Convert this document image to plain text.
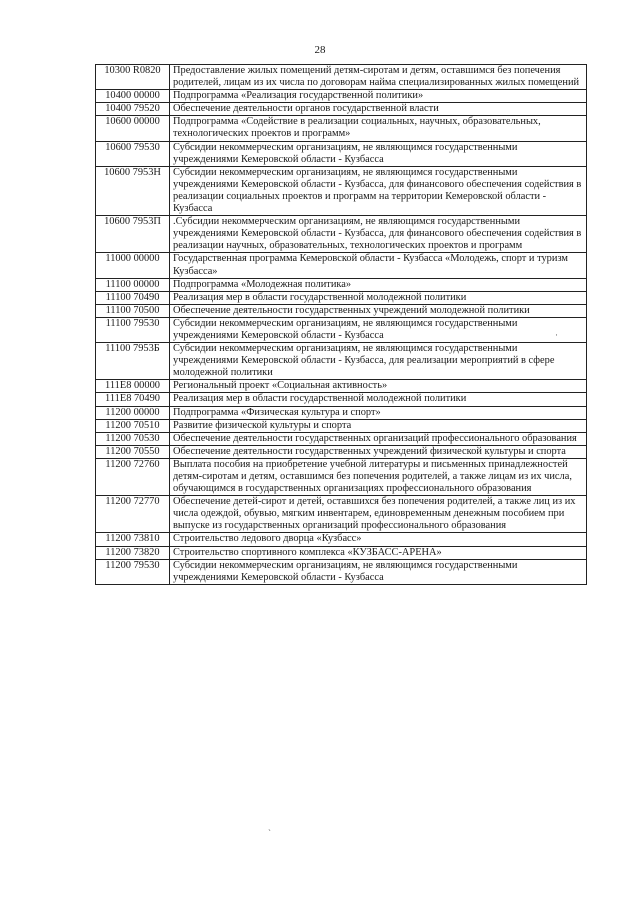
28
10300 R0820	Предоставление жилых помещений детям-сиротам и детям, оставшимся без попечения родителей, лицам из их числа по договорам найма специализированных жилых помещений
10400 00000	Подпрограмма «Реализация государственной политики»
10400 79520	Обеспечение деятельности органов государственной власти
10600 00000	Подпрограмма «Содействие в реализации социальных, научных, образовательных, технологических проектов и программ»
10600 79530	Субсидии некоммерческим организациям, не являющимся государственными учреждениями Кемеровской области - Кузбасса
10600 7953Н	Субсидии некоммерческим организациям, не являющимся государственными учреждениями Кемеровской области - Кузбасса, для финансового обеспечения содействия в реализации социальных проектов и программ на территории Кемеровской области - Кузбасса
10600 7953П	.Субсидии некоммерческим организациям, не являющимся государственными учреждениями Кемеровской области - Кузбасса, для финансового обеспечения содействия в реализации научных, образовательных, технологических проектов и программ
11000 00000	Государственная программа Кемеровской области - Кузбасса «Молодежь, спорт и туризм Кузбасса»
11100 00000	Подпрограмма «Молодежная политика»
11100 70490	Реализация мер в области государственной молодежной политики
11100 70500	Обеспечение деятельности государственных учреждений молодежной политики
11100 79530	Субсидии некоммерческим организациям, не являющимся государственными учреждениями Кемеровской области - Кузбасса
11100 7953Б	Субсидии некоммерческим организациям, не являющимся государственными учреждениями Кемеровской области - Кузбасса, для реализации мероприятий в сфере молодежной политики
111E8 00000	Региональный проект «Социальная активность»
111E8 70490	Реализация мер в области государственной молодежной политики
11200 00000	Подпрограмма «Физическая культура и спорт»
11200 70510	Развитие физической культуры и спорта
11200 70530	Обеспечение деятельности государственных организаций профессионального образования
11200 70550	Обеспечение деятельности государственных учреждений физической культуры и спорта
11200 72760	Выплата пособия на приобретение учебной литературы и письменных принадлежностей детям-сиротам и детям, оставшимся без попечения родителей, а также лицам из их числа, обучающимся в государственных организациях профессионального образования
11200 72770	Обеспечение детей-сирот и детей, оставшихся без попечения родителей, а также лиц из их числа одеждой, обувью, мягким инвентарем, единовременным денежным пособием при выпуске из государственных организаций профессионального образования
11200 73810	Строительство ледового дворца «Кузбасс»
11200 73820	Строительство спортивного комплекса «КУЗБАСС-АРЕНА»
11200 79530	Субсидии некоммерческим организациям, не являющимся государственными учреждениями Кемеровской области - Кузбасса
`
·
